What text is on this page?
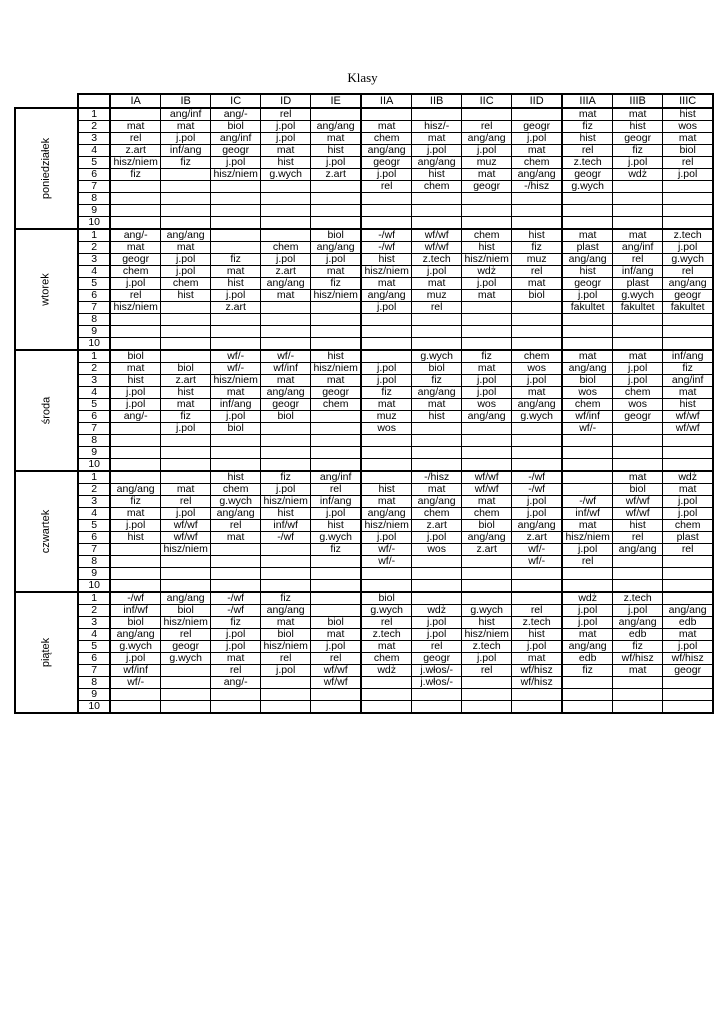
Klasy
		IA	IB	IC	ID	IE	IIA	IIB	IIC	IID	IIIA	IIIB	IIIC
poniedziałek	1		ang/inf	ang/-	rel						mat	mat	hist
	2	mat	mat	biol	j.pol	ang/ang	mat	hisz/-	rel	geogr	fiz	hist	wos
	3	rel	j.pol	ang/inf	j.pol	mat	chem	mat	ang/ang	j.pol	hist	geogr	mat
	4	z.art	inf/ang	geogr	mat	hist	ang/ang	j.pol	j.pol	mat	rel	fiz	biol
	5	hisz/niem	fiz	j.pol	hist	j.pol	geogr	ang/ang	muz	chem	z.tech	j.pol	rel
	6	fiz		hisz/niem	g.wych	z.art	j.pol	hist	mat	ang/ang	geogr	wdż	j.pol
	7						rel	chem	geogr	-/hisz	g.wych		
	8												
	9												
	10												
wtorek	1	ang/-	ang/ang			biol	-/wf	wf/wf	chem	hist	mat	mat	z.tech
	2	mat	mat		chem	ang/ang	-/wf	wf/wf	hist	fiz	plast	ang/inf	j.pol
	3	geogr	j.pol	fiz	j.pol	j.pol	hist	z.tech	hisz/niem	muz	ang/ang	rel	g.wych
	4	chem	j.pol	mat	z.art	mat	hisz/niem	j.pol	wdż	rel	hist	inf/ang	rel
	5	j.pol	chem	hist	ang/ang	fiz	mat	mat	j.pol	mat	geogr	plast	ang/ang
	6	rel	hist	j.pol	mat	hisz/niem	ang/ang	muz	mat	biol	j.pol	g.wych	geogr
	7	hisz/niem		z.art			j.pol	rel			fakultet	fakultet	fakultet
	8												
	9												
	10												
środa	1	biol		wf/-	wf/-	hist		g.wych	fiz	chem	mat	mat	inf/ang
	2	mat	biol	wf/-	wf/inf	hisz/niem	j.pol	biol	mat	wos	ang/ang	j.pol	fiz
	3	hist	z.art	hisz/niem	mat	mat	j.pol	fiz	j.pol	j.pol	biol	j.pol	ang/inf
	4	j.pol	hist	mat	ang/ang	geogr	fiz	ang/ang	j.pol	mat	wos	chem	mat
	5	j.pol	mat	inf/ang	geogr	chem	mat	mat	wos	ang/ang	chem	wos	hist
	6	ang/-	fiz	j.pol	biol		muz	hist	ang/ang	g.wych	wf/inf	geogr	wf/wf
	7		j.pol	biol			wos				wf/-		wf/wf
	8												
	9												
	10												
czwartek	1			hist	fiz	ang/inf		-/hisz	wf/wf	-/wf		mat	wdż
	2	ang/ang	mat	chem	j.pol	rel	hist	mat	wf/wf	-/wf		biol	mat
	3	fiz	rel	g.wych	hisz/niem	inf/ang	mat	ang/ang	mat	j.pol	-/wf	wf/wf	j.pol
	4	mat	j.pol	ang/ang	hist	j.pol	ang/ang	chem	chem	j.pol	inf/wf	wf/wf	j.pol
	5	j.pol	wf/wf	rel	inf/wf	hist	hisz/niem	z.art	biol	ang/ang	mat	hist	chem
	6	hist	wf/wf	mat	-/wf	g.wych	j.pol	j.pol	ang/ang	z.art	hisz/niem	rel	plast
	7		hisz/niem			fiz	wf/-	wos	z.art	wf/-	j.pol	ang/ang	rel
	8						wf/-			wf/-	rel		
	9												
	10												
piątek	1	-/wf	ang/ang	-/wf	fiz		biol				wdż	z.tech	
	2	inf/wf	biol	-/wf	ang/ang		g.wych	wdż	g.wych	rel	j.pol	j.pol	ang/ang
	3	biol	hisz/niem	fiz	mat	biol	rel	j.pol	hist	z.tech	j.pol	ang/ang	edb
	4	ang/ang	rel	j.pol	biol	mat	z.tech	j.pol	hisz/niem	hist	mat	edb	mat
	5	g.wych	geogr	j.pol	hisz/niem	j.pol	mat	rel	z.tech	j.pol	ang/ang	fiz	j.pol
	6	j.pol	g.wych	mat	rel	rel	chem	geogr	j.pol	mat	edb	wf/hisz	wf/hisz
	7	wf/inf		rel	j.pol	wf/wf	wdż	j.włos/-	rel	wf/hisz	fiz	mat	geogr
	8	wf/-		ang/-		wf/wf		j.włos/-		wf/hisz			
	9												
	10												
